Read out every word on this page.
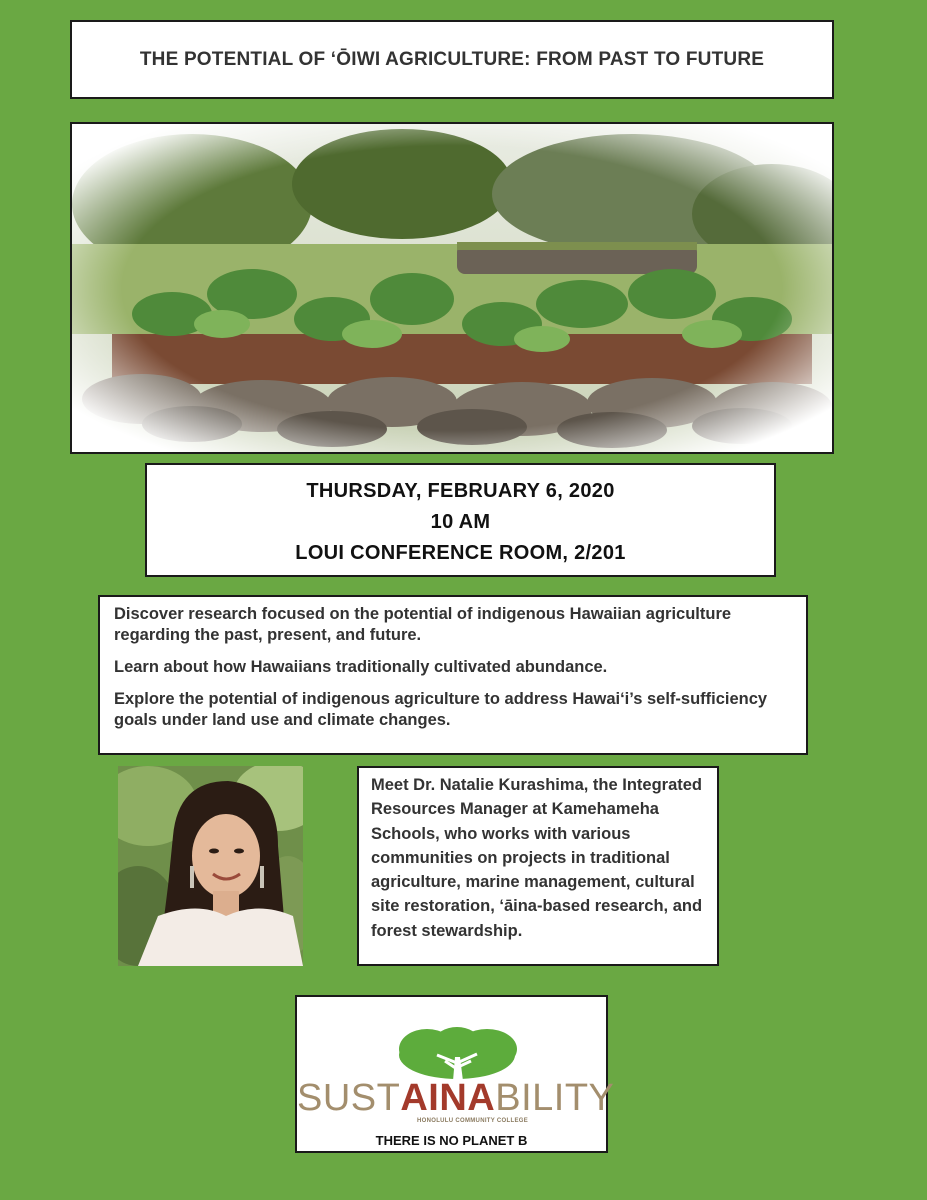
THE POTENTIAL OF ‘ŌIWI AGRICULTURE: FROM PAST TO FUTURE
THURSDAY, FEBRUARY 6, 2020
10 AM
LOUI CONFERENCE ROOM, 2/201

Discover research focused on the potential of indigenous Hawaiian agriculture regarding the past, present, and future.

Learn about how Hawaiians traditionally cultivated abundance.

Explore the potential of indigenous agriculture to address Hawai‘i’s self-sufficiency goals under land use and climate changes.

Meet Dr. Natalie Kurashima, the Integrated Resources Manager at Kamehameha Schools, who works with various communities on projects in traditional agriculture, marine management, cultural site restoration, ‘āina-based research, and forest stewardship.

SUSTAINABILITY
HONOLULU COMMUNITY COLLEGE
THERE IS NO PLANET B
